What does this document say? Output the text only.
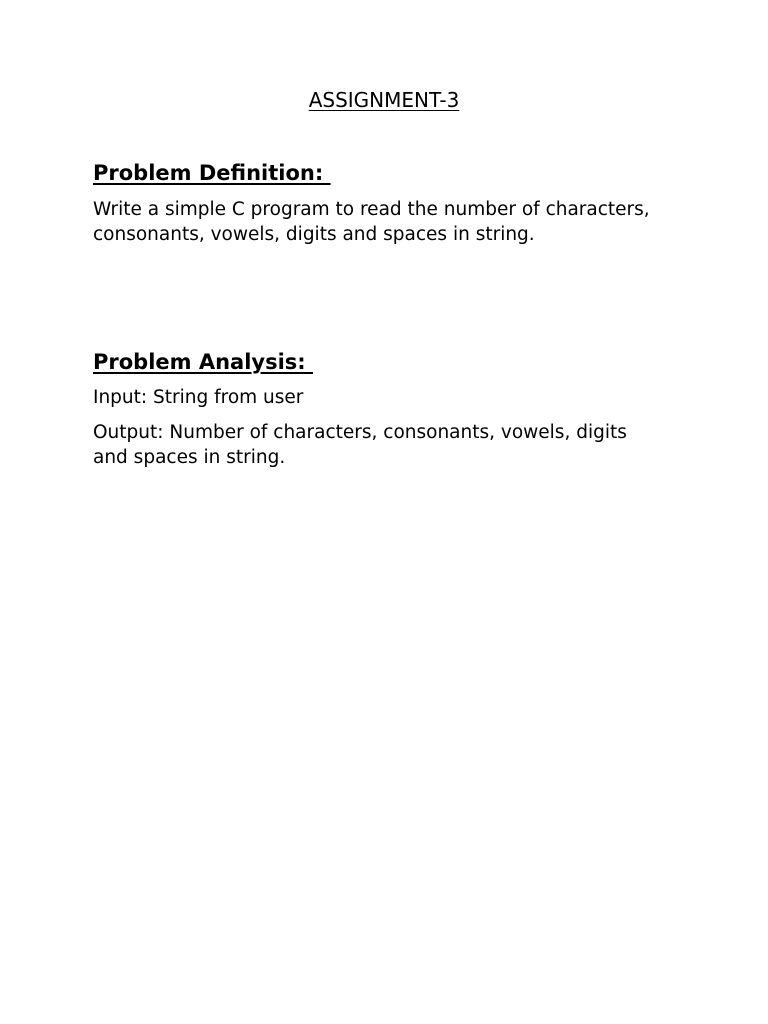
ASSIGNMENT-3
Problem Definition:

Write a simple C program to read the number of characters, consonants, vowels, digits and spaces in string.

Problem Analysis:

Input: String from user

Output: Number of characters, consonants, vowels, digits and spaces in string.
